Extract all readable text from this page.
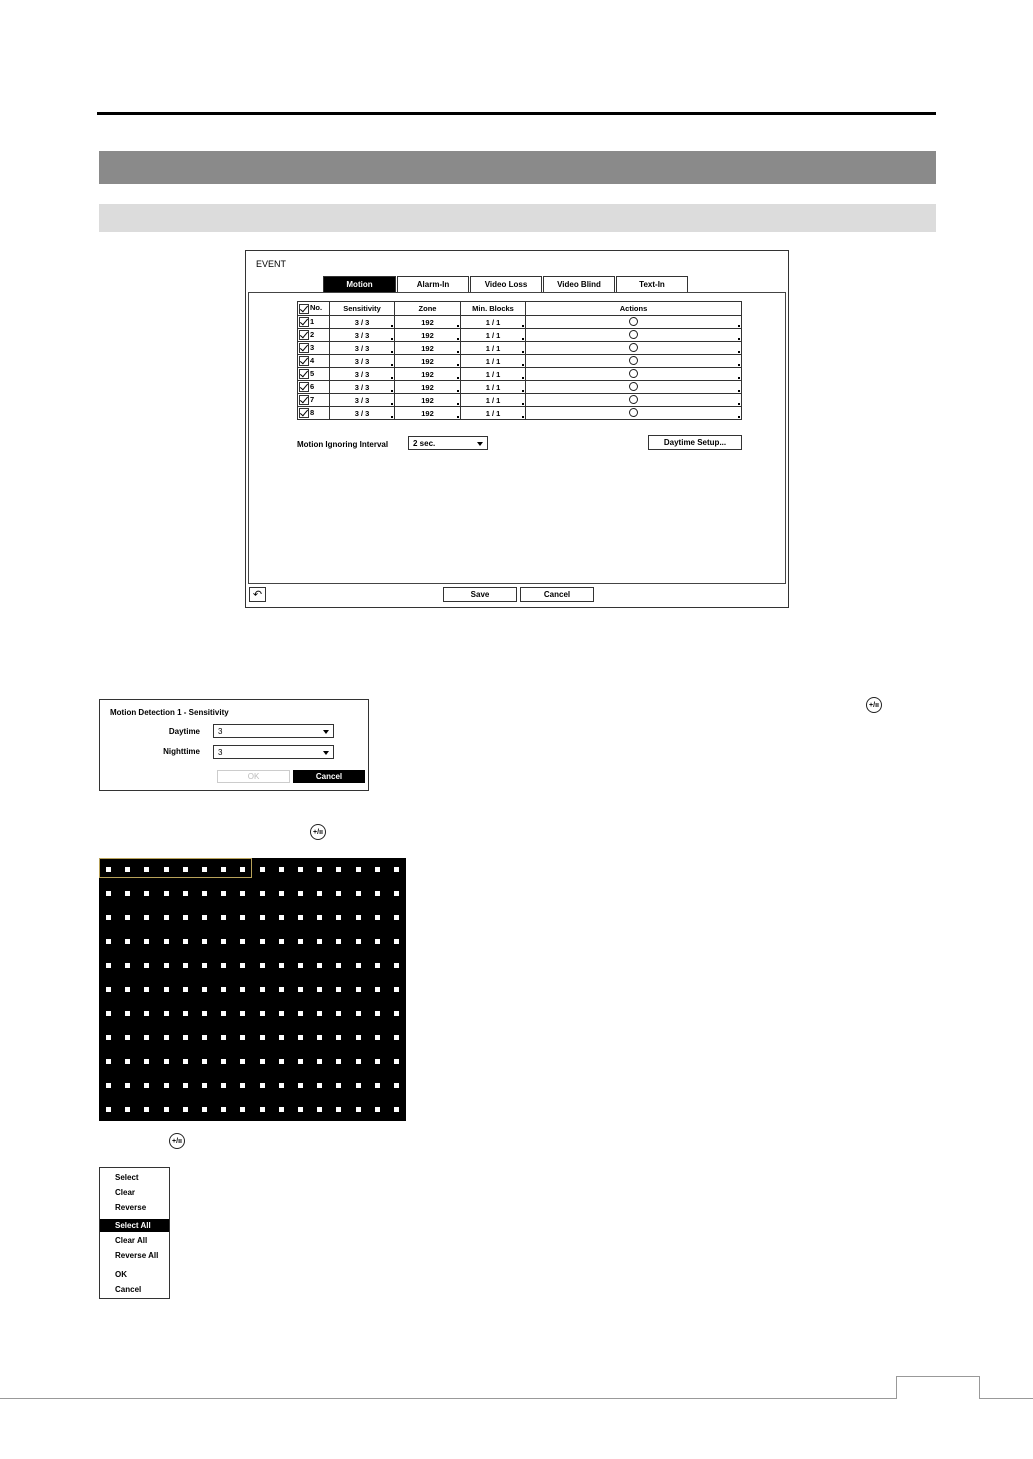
EVENT
Motion	Alarm-In	Video Loss	Video Blind	Text-In
No.	Sensitivity	Zone	Min. Blocks	Actions
1	3 / 3	192	1 / 1

2	3 / 3	192	1 / 1

3	3 / 3	192	1 / 1

4	3 / 3	192	1 / 1

5	3 / 3	192	1 / 1

6	3 / 3	192	1 / 1

7	3 / 3	192	1 / 1

8	3 / 3	192	1 / 1

Motion Ignoring Interval	2 sec.	Daytime Setup...
↶	Save	Cancel
+/ıı
+/ıı
+/ıı
Motion Detection 1 - Sensitivity
Daytime	3
Nighttime	3
OK	Cancel
Select
Clear
Reverse
Select All
Clear All
Reverse All
OK
Cancel
